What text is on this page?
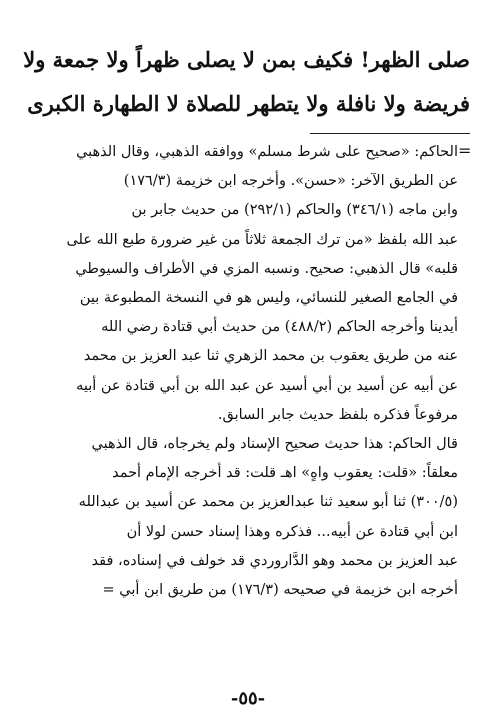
صلى الظهر! فكيف بمن لا يصلى ظهراً ولا جمعة ولا
فريضة ولا نافلة ولا يتطهر للصلاة لا الطهارة الكبرى
=
الحاكم: «صحيح على شرط مسلم» ووافقه الذهبي، وقال الذهبي
عن الطريق الآخر: «حسن». وأخرجه ابن خزيمة (١٧٦/٣)
وابن ماجه (٣٤٦/١) والحاكم (٢٩٢/١) من حديث جابر بن
عبد الله بلفظ «من ترك الجمعة ثلاثاً من غير ضرورة طبع الله على
قلبه» قال الذهبي: صحيح. ونسبه المزي في الأطراف والسيوطي
في الجامع الصغير للنسائي، وليس هو في النسخة المطبوعة بين
أيدينا وأخرجه الحاكم (٤٨٨/٢) من حديث أبي قتادة رضي الله
عنه من طريق يعقوب بن محمد الزهري ثنا عبد العزيز بن محمد
عن أبيه عن أسيد بن أبي أسيد عن عبد الله بن أبي قتادة عن أبيه
مرفوعاً فذكره بلفظ حديث جابر السابق.
قال الحاكم: هذا حديث صحيح الإسناد ولم يخرجاه، قال الذهبي
معلقاً: «قلت: يعقوب واهٍ» اهـ قلت: قد أخرجه الإمام أحمد
(٣٠٠/٥) ثنا أبو سعيد ثنا عبدالعزيز بن محمد عن أسيد بن عبدالله
ابن أبي قتادة عن أبيه... فذكره وهذا إسناد حسن لولا أن
عبد العزيز بن محمد وهو الدَّاروردي قد خولف في إسناده، فقد
أخرجه ابن خزيمة في صحيحه (١٧٦/٣) من طريق ابن أبي =
-٥٥-
